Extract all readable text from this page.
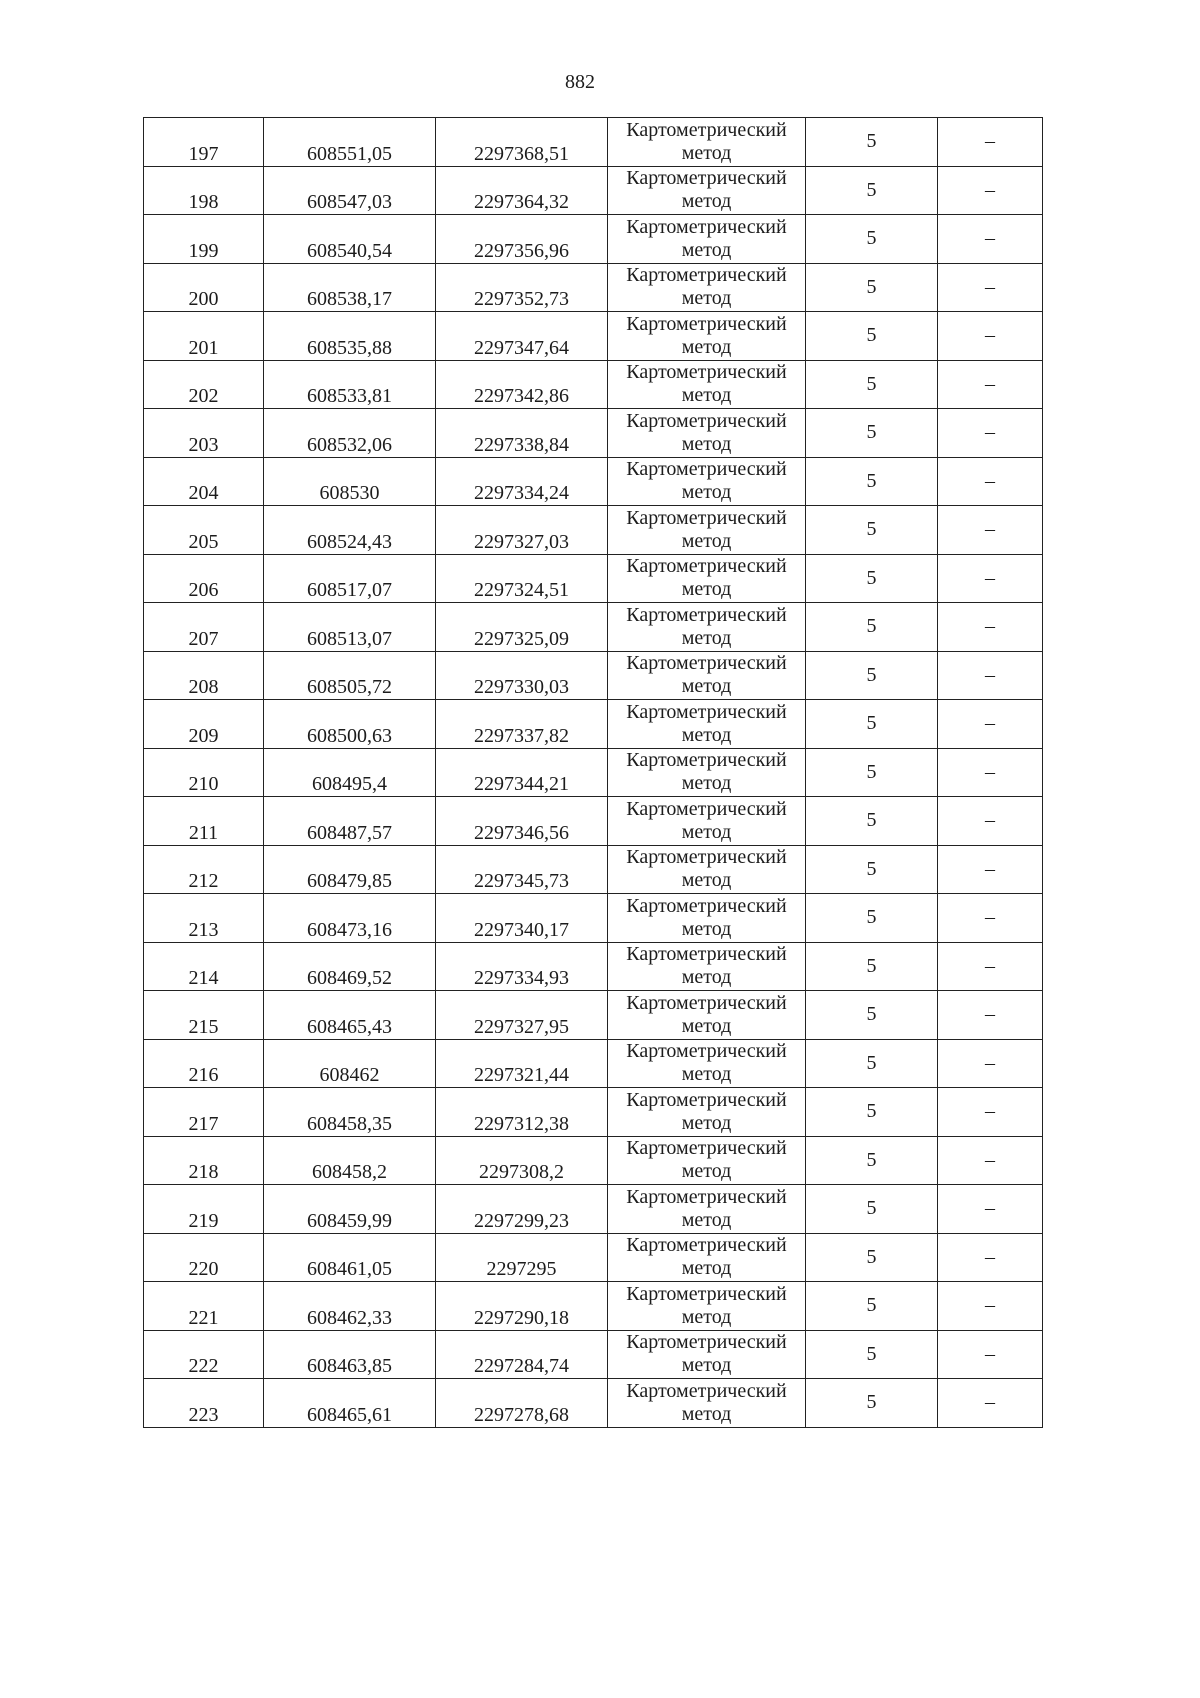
882
197	608551,05	2297368,51	Картометрический метод	5	–
198	608547,03	2297364,32	Картометрический метод	5	–
199	608540,54	2297356,96	Картометрический метод	5	–
200	608538,17	2297352,73	Картометрический метод	5	–
201	608535,88	2297347,64	Картометрический метод	5	–
202	608533,81	2297342,86	Картометрический метод	5	–
203	608532,06	2297338,84	Картометрический метод	5	–
204	608530	2297334,24	Картометрический метод	5	–
205	608524,43	2297327,03	Картометрический метод	5	–
206	608517,07	2297324,51	Картометрический метод	5	–
207	608513,07	2297325,09	Картометрический метод	5	–
208	608505,72	2297330,03	Картометрический метод	5	–
209	608500,63	2297337,82	Картометрический метод	5	–
210	608495,4	2297344,21	Картометрический метод	5	–
211	608487,57	2297346,56	Картометрический метод	5	–
212	608479,85	2297345,73	Картометрический метод	5	–
213	608473,16	2297340,17	Картометрический метод	5	–
214	608469,52	2297334,93	Картометрический метод	5	–
215	608465,43	2297327,95	Картометрический метод	5	–
216	608462	2297321,44	Картометрический метод	5	–
217	608458,35	2297312,38	Картометрический метод	5	–
218	608458,2	2297308,2	Картометрический метод	5	–
219	608459,99	2297299,23	Картометрический метод	5	–
220	608461,05	2297295	Картометрический метод	5	–
221	608462,33	2297290,18	Картометрический метод	5	–
222	608463,85	2297284,74	Картометрический метод	5	–
223	608465,61	2297278,68	Картометрический метод	5	–
